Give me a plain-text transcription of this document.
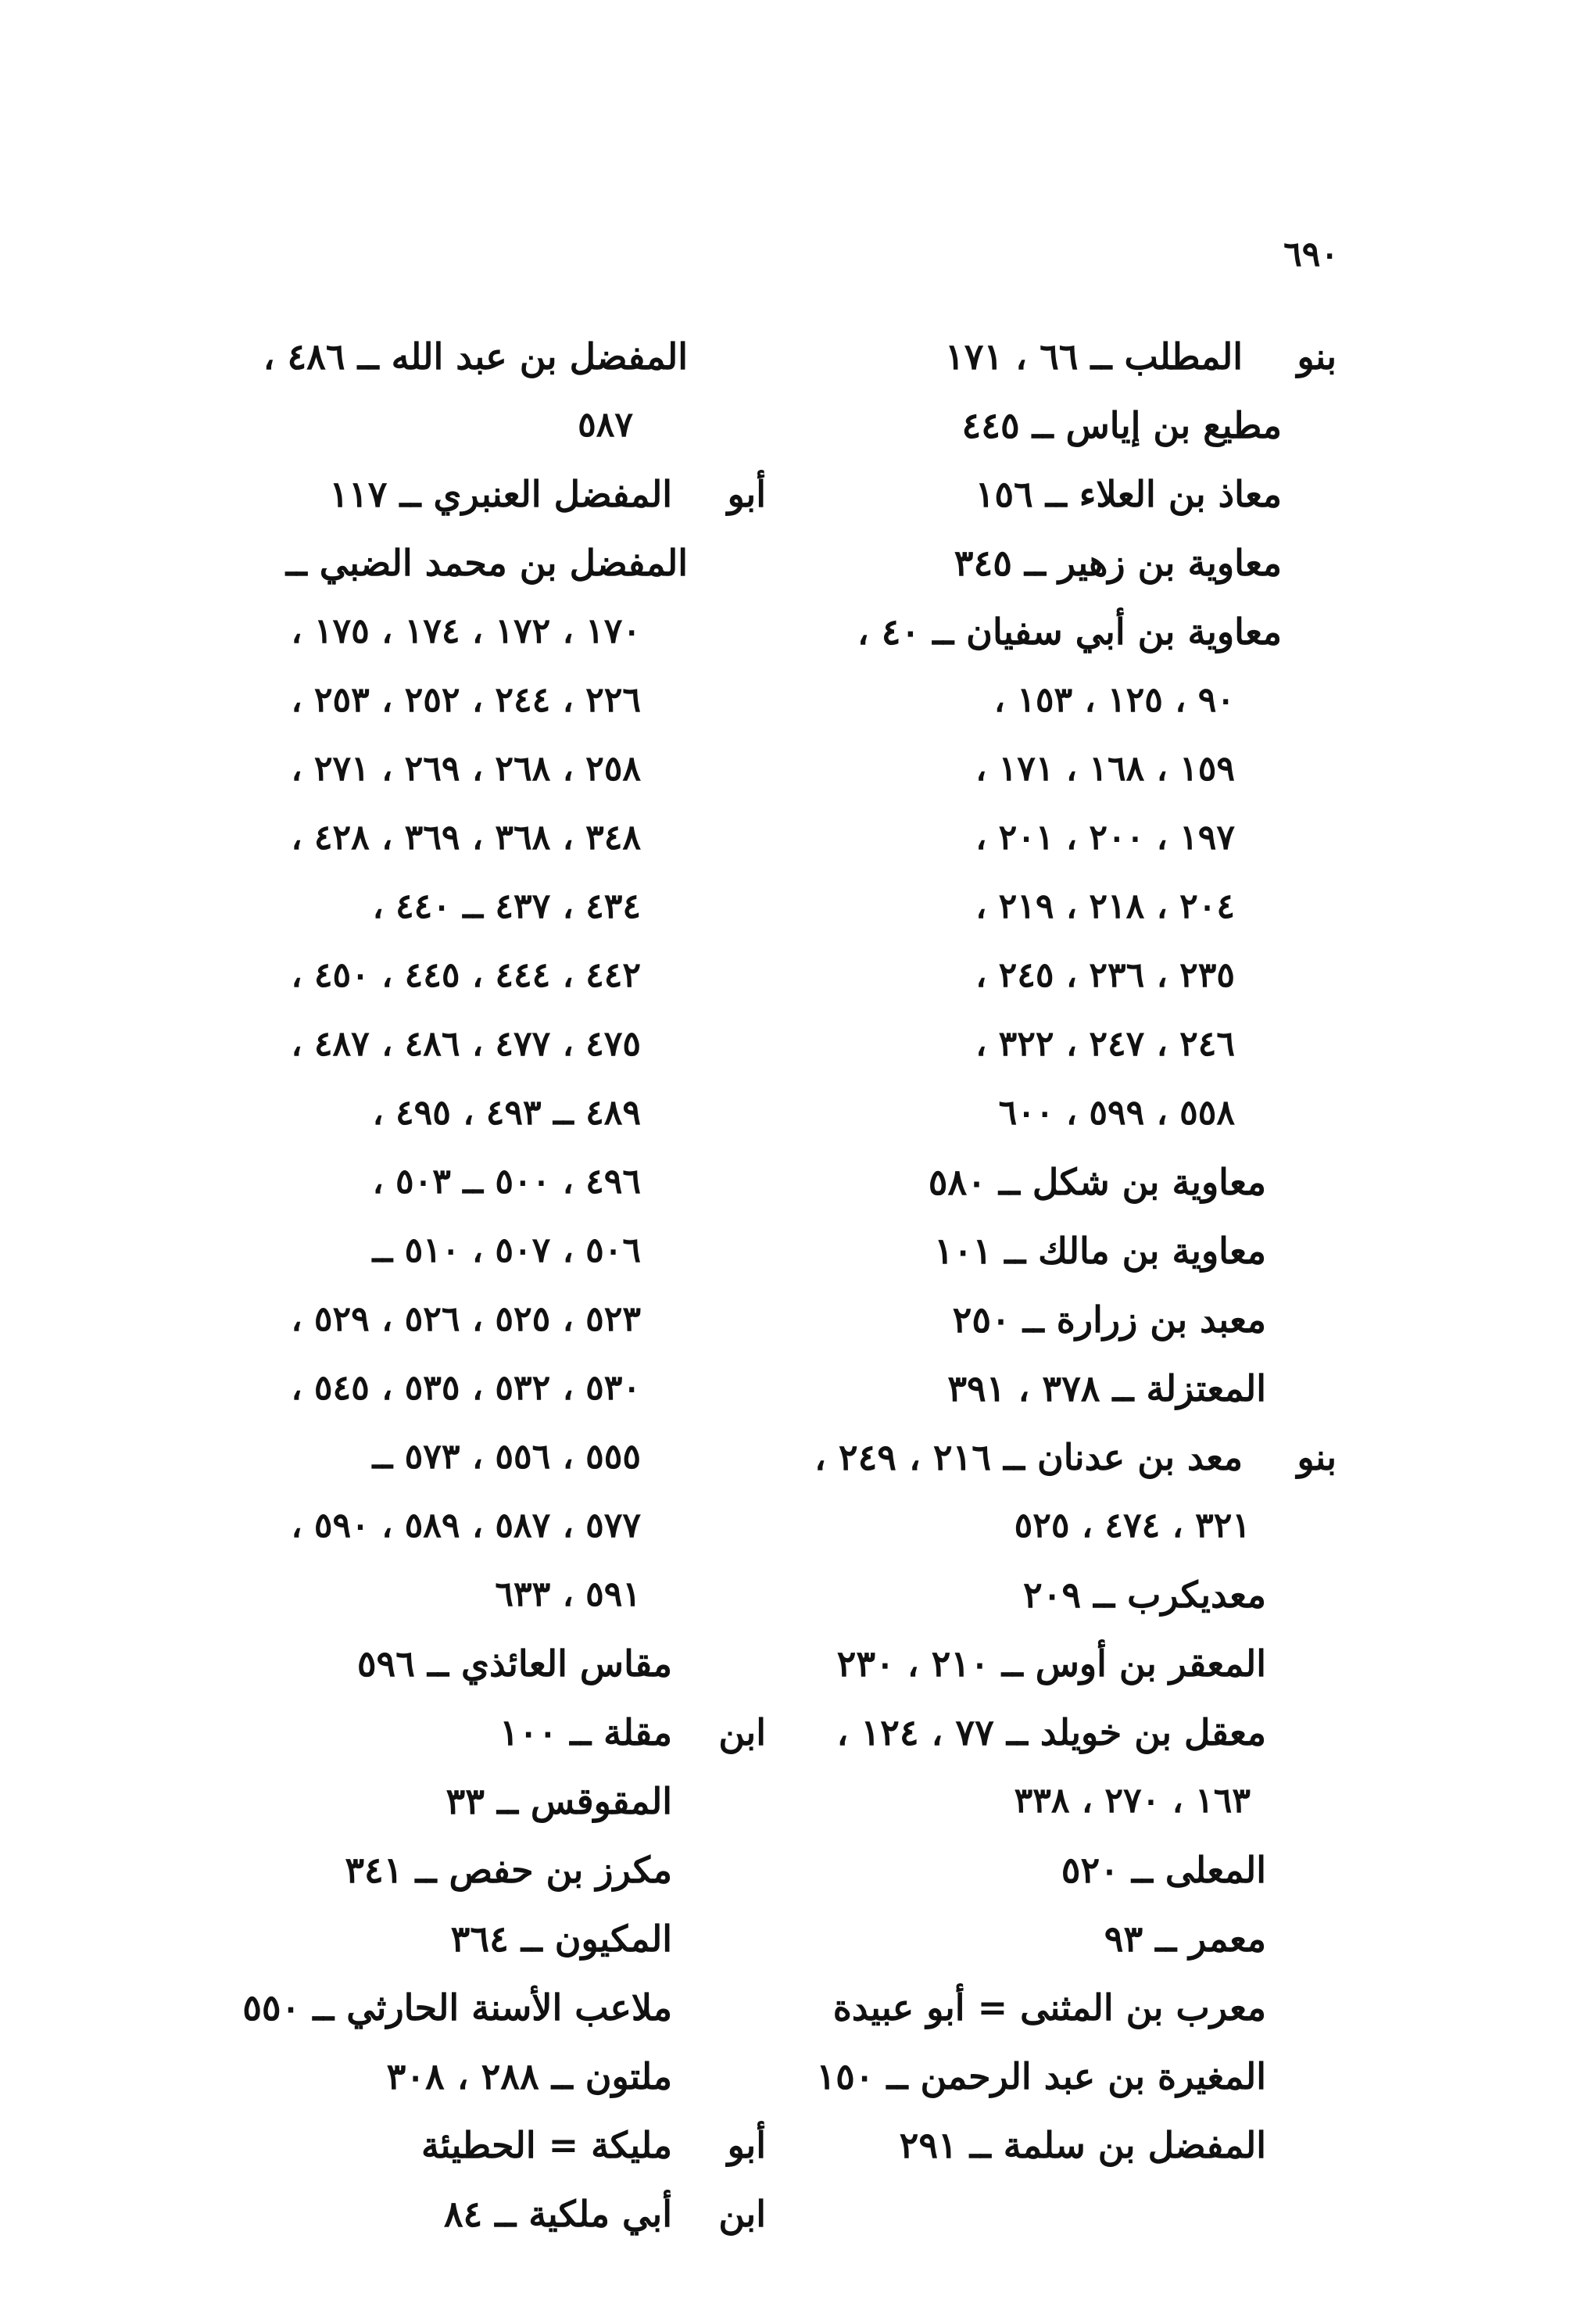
٦٩٠
بنو
المطلب ــ ٦٦ ، ١٧١
مطيع بن إياس ــ ٤٤٥
معاذ بن العلاء ــ ١٥٦
معاوية بن زهير ــ ٣٤٥
معاوية بن أبي سفيان ــ ٤٠ ،
٩٠ ، ١٢٥ ، ١٥٣ ،
١٥٩ ، ١٦٨ ، ١٧١ ،
١٩٧ ، ٢٠٠ ، ٢٠١ ،
٢٠٤ ، ٢١٨ ، ٢١٩ ،
٢٣٥ ، ٢٣٦ ، ٢٤٥ ،
٢٤٦ ، ٢٤٧ ، ٣٢٢ ،
٥٥٨ ، ٥٩٩ ، ٦٠٠
معاوية بن شكل ــ ٥٨٠
معاوية بن مالك ــ ١٠١
معبد بن زرارة ــ ٢٥٠
المعتزلة ــ ٣٧٨ ، ٣٩١
بنو
معد بن عدنان ــ ٢١٦ ، ٢٤٩ ،
٣٢١ ، ٤٧٤ ، ٥٢٥
معديكرب ــ ٢٠٩
المعقر بن أوس ــ ٢١٠ ، ٢٣٠
معقل بن خويلد ــ ٧٧ ، ١٢٤ ،
١٦٣ ، ٢٧٠ ، ٣٣٨
المعلى ــ ٥٢٠
معمر ــ ٩٣
معرب بن المثنى = أبو عبيدة
المغيرة بن عبد الرحمن ــ ١٥٠
المفضل بن سلمة ــ ٢٩١
المفضل بن عبد الله ــ ٤٨٦ ،
٥٨٧
أبو
المفضل العنبري ــ ١١٧
المفضل بن محمد الضبي ــ
١٧٠ ، ١٧٢ ، ١٧٤ ، ١٧٥ ،
٢٢٦ ، ٢٤٤ ، ٢٥٢ ، ٢٥٣ ،
٢٥٨ ، ٢٦٨ ، ٢٦٩ ، ٢٧١ ،
٣٤٨ ، ٣٦٨ ، ٣٦٩ ، ٤٢٨ ،
٤٣٤ ، ٤٣٧ ــ ٤٤٠ ،
٤٤٢ ، ٤٤٤ ، ٤٤٥ ، ٤٥٠ ،
٤٧٥ ، ٤٧٧ ، ٤٨٦ ، ٤٨٧ ،
٤٨٩ ــ ٤٩٣ ، ٤٩٥ ،
٤٩٦ ، ٥٠٠ ــ ٥٠٣ ،
٥٠٦ ، ٥٠٧ ، ٥١٠ ــ
٥٢٣ ، ٥٢٥ ، ٥٢٦ ، ٥٢٩ ،
٥٣٠ ، ٥٣٢ ، ٥٣٥ ، ٥٤٥ ،
٥٥٥ ، ٥٥٦ ، ٥٧٣ ــ
٥٧٧ ، ٥٨٧ ، ٥٨٩ ، ٥٩٠ ،
٥٩١ ، ٦٣٣
مقاس العائذي ــ ٥٩٦
ابن
مقلة ــ ١٠٠
المقوقس ــ ٣٣
مكرز بن حفص ــ ٣٤١
المكيون ــ ٣٦٤
ملاعب الأسنة الحارثي ــ ٥٥٠
ملتون ــ ٢٨٨ ، ٣٠٨
أبو
مليكة = الحطيئة
ابن
أبي ملكية ــ ٨٤
